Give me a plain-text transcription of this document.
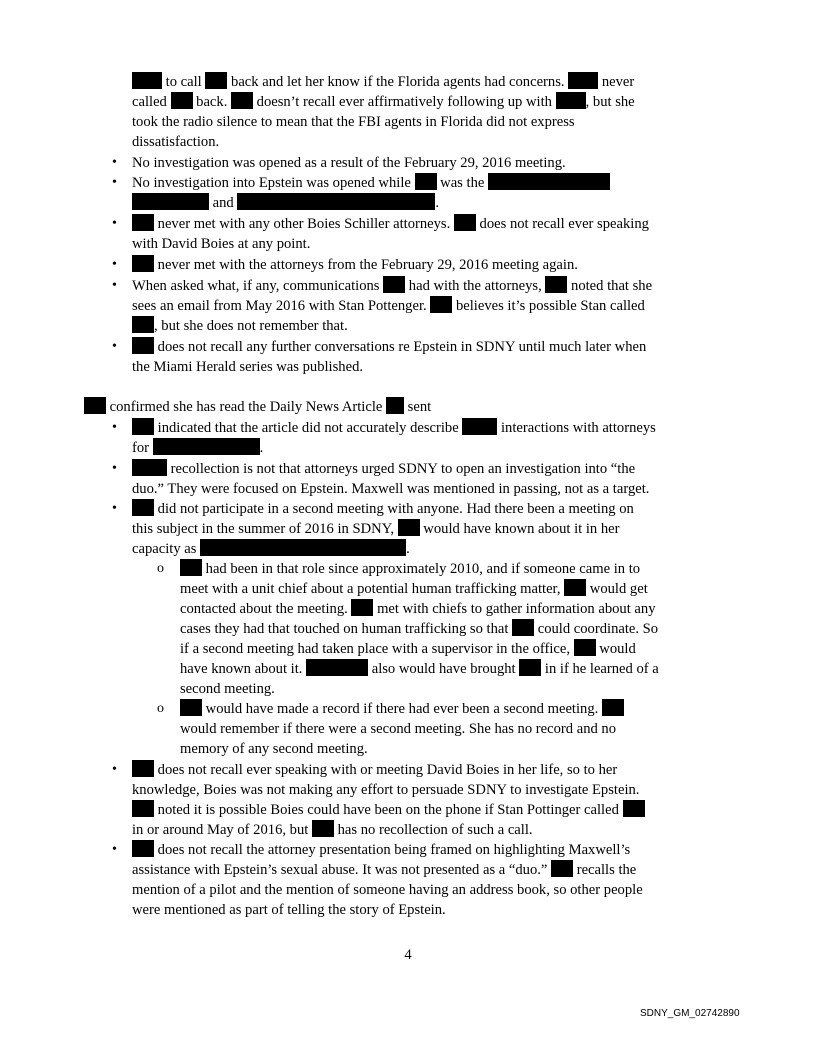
to call  back and let her know if the Florida agents had concerns.  never
called  back.  doesn’t recall ever affirmatively following up with , but she
took the radio silence to mean that the FBI agents in Florida did not express
dissatisfaction.
No investigation was opened as a result of the February 29, 2016 meeting.
No investigation into Epstein was opened while  was the
and	.
never met with any other Boies Schiller attorneys.  does not recall ever speaking
with David Boies at any point.
never met with the attorneys from the February 29, 2016 meeting again.
When asked what, if any, communications  had with the attorneys,  noted that she
sees an email from May 2016 with Stan Pottenger.  believes it’s possible Stan called
, but she does not remember that.
does not recall any further conversations re Epstein in SDNY until much later when
the Miami Herald series was published.
confirmed she has read the Daily News Article  sent
indicated that the article did not accurately describe  interactions with attorneys
for	.
recollection is not that attorneys urged SDNY to open an investigation into “the
duo.” They were focused on Epstein. Maxwell was mentioned in passing, not as a target.
did not participate in a second meeting with anyone. Had there been a meeting on
this subject in the summer of 2016 in SDNY,  would have known about it in her
capacity as	.
had been in that role since approximately 2010, and if someone came in to
meet with a unit chief about a potential human trafficking matter,  would get
contacted about the meeting.  met with chiefs to gather information about any
cases they had that touched on human trafficking so that  could coordinate. So
if a second meeting had taken place with a supervisor in the office,  would
have known about it.	also would have brought  in if he learned of a
second meeting.
would have made a record if there had ever been a second meeting.
would remember if there were a second meeting. She has no record and no
memory of any second meeting.
does not recall ever speaking with or meeting David Boies in her life, so to her
knowledge, Boies was not making any effort to persuade SDNY to investigate Epstein.
noted it is possible Boies could have been on the phone if Stan Pottinger called
in or around May of 2016, but  has no recollection of such a call.
does not recall the attorney presentation being framed on highlighting Maxwell’s
assistance with Epstein’s sexual abuse. It was not presented as a “duo.”  recalls the
mention of a pilot and the mention of someone having an address book, so other people
were mentioned as part of telling the story of Epstein.
•
•
•
•
•
•
•
•
•
o
o
•
•
4
SDNY_GM_02742890
